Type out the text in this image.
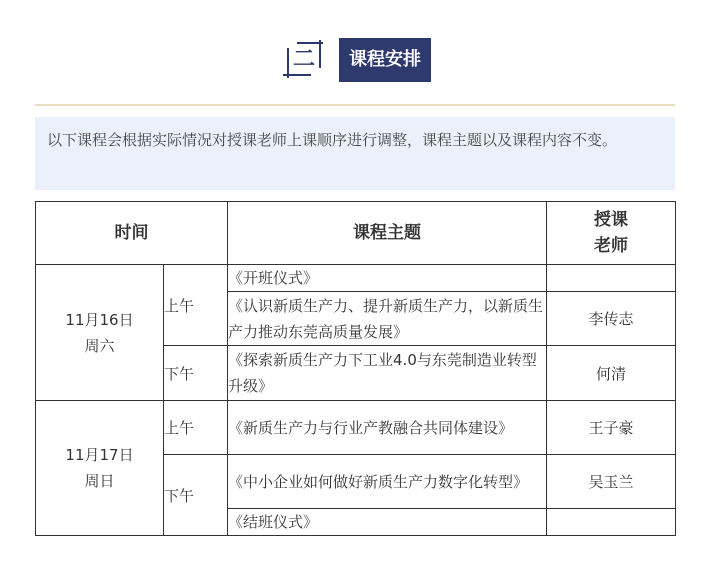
二	课程安排
以下课程会根据实际情况对授课老师上课顺序进行调整，课程主题以及课程内容不变。
时间		课程主题	授课
老师

11月16日
周六	上午	《开班仪式》	
		《认识新质生产力、提升新质生产力，以新质生产力推动东莞高质量发展》	李传志
	下午	《探索新质生产力下工业4.0与东莞制造业转型升级》	何清

11月17日
周日	上午	《新质生产力与行业产教融合共同体建设》	王子豪
	下午	《中小企业如何做好新质生产力数字化转型》	吴玉兰
		《结班仪式》	
